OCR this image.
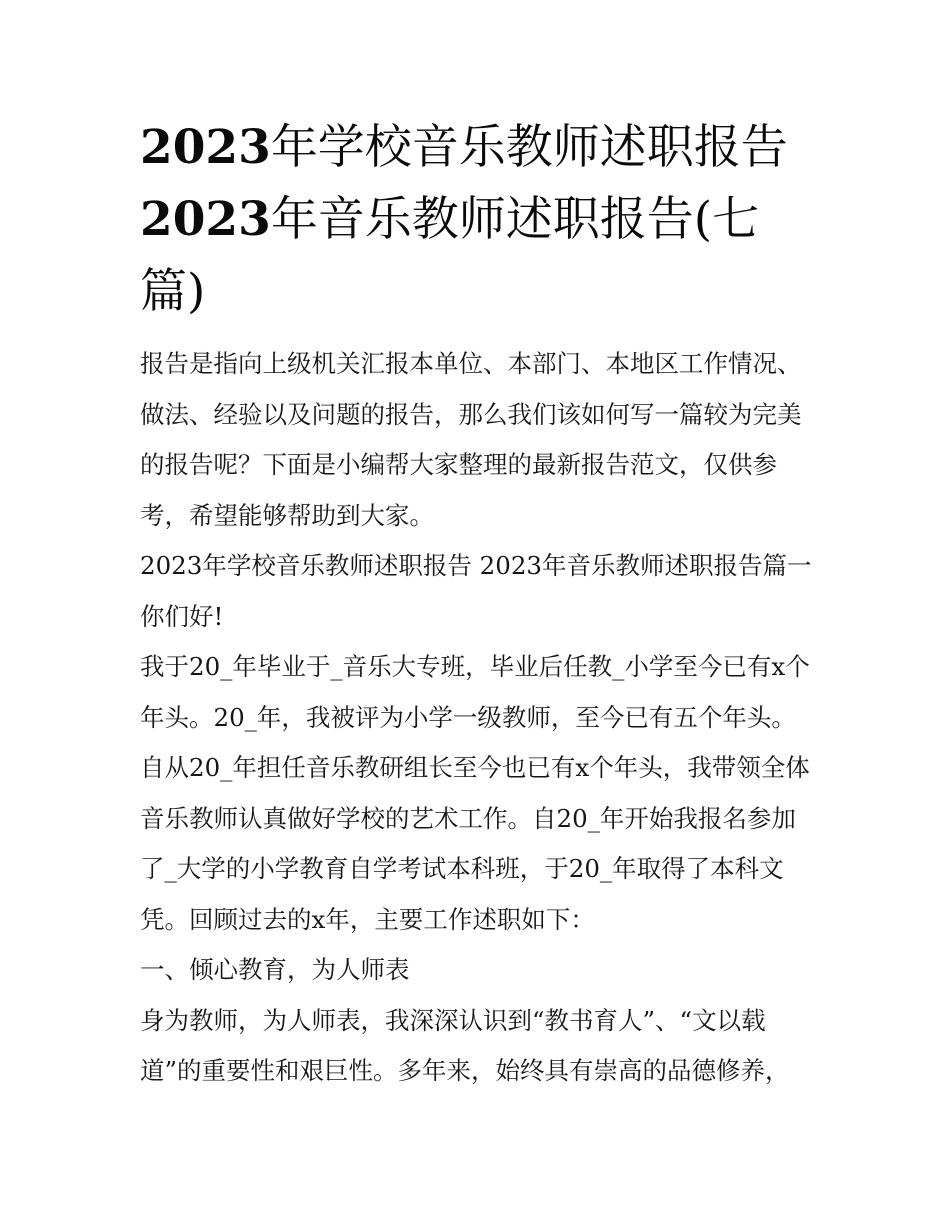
2023年学校音乐教师述职报告
2023年音乐教师述职报告(七篇)

报告是指向上级机关汇报本单位、本部门、本地区工作情况、做法、经验以及问题的报告，那么我们该如何写一篇较为完美的报告呢？下面是小编帮大家整理的最新报告范文，仅供参考，希望能够帮助到大家。

2023年学校音乐教师述职报告 2023年音乐教师述职报告篇一

你们好!

我于20_年毕业于_音乐大专班，毕业后任教_小学至今已有x个年头。20_年，我被评为小学一级教师，至今已有五个年头。自从20_年担任音乐教研组长至今也已有x个年头，我带领全体音乐教师认真做好学校的艺术工作。自20_年开始我报名参加了_大学的小学教育自学考试本科班，于20_年取得了本科文凭。回顾过去的x年，主要工作述职如下：

一、倾心教育，为人师表

身为教师，为人师表，我深深认识到“教书育人”、“文以载道”的重要性和艰巨性。多年来，始终具有崇高的品德修养，
